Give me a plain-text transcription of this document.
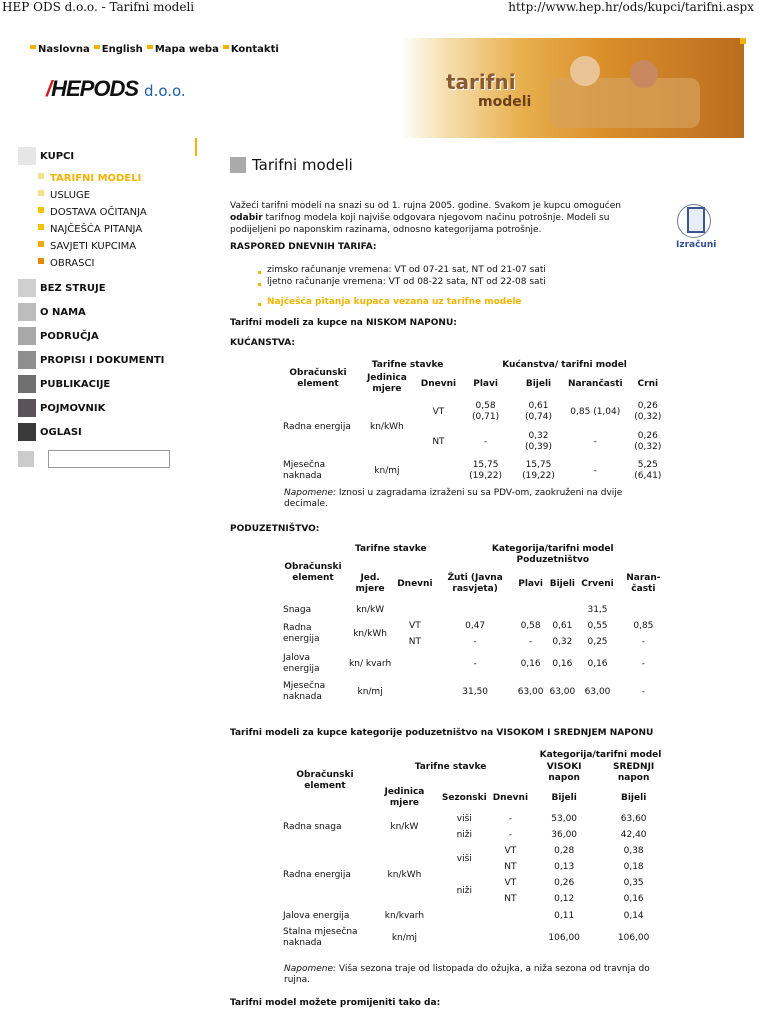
HEP ODS d.o.o. - Tarifni modeli	http://www.hep.hr/ods/kupci/tarifni.aspx
Naslovna English Mapa weba Kontakti
/HEPODS d.o.o.	tarifni
modeli
KUPCI
TARIFNI MODELI
USLUGE
DOSTAVA OČITANJA
NAJČEŠĆA PITANJA
SAVJETI KUPCIMA
OBRASCI
BEZ STRUJE
O NAMA
PODRUČJA
PROPISI I DOKUMENTI
PUBLIKACIJE
POJMOVNIK
OGLASI
Tarifni modeli

Važeći tarifni modeli na snazi su od 1. rujna 2005. godine. Svakom je kupcu omogućen odabir tarifnog modela koji najviše odgovara njegovom načinu potrošnje. Modeli su podijeljeni po naponskim razinama, odnosno kategorijama potrošnje.

Izračuni
RASPORED DNEVNIH TARIFA:
zimsko računanje vremena: VT od 07-21 sat, NT od 21-07 sati
ljetno računanje vremena: VT od 08-22 sata, NT od 22-08 sati
Najčešća pitanja kupaca vezana uz tarifne modele
Tarifni modeli za kupce na NISKOM NAPONU:
KUĆANSTVA:
Obračunski element	Tarifne stavke		Kućanstva/ tarifni model			
	Jedinica mjere	Dnevni	Plavi	Bijeli	Narančasti	Crni
Radna energija	kn/kWh	VT	0,58 (0,71)	0,61 (0,74)	0,85 (1,04)	0,26 (0,32)
		NT	-	0,32 (0,39)	-	0,26 (0,32)
Mjesečna naknada	kn/mj		15,75 (19,22)	15,75 (19,22)	-	5,25 (6,41)
Napomene: Iznosi u zagradama izraženi su sa PDV-om, zaokruženi na dvije decimale.
PODUZETNIŠTVO:
Obračunski element	Tarifne stavke		Kategorija/tarifni model				
			Poduzetništvo				
	Jed. mjere	Dnevni	Žuti (Javna rasvjeta)	Plavi	Bijeli	Crveni	Naran- časti
Snaga	kn/kW					31,5	
Radna energija	kn/kWh	VT	0,47	0,58	0,61	0,55	0,85
		NT	-	-	0,32	0,25	-
Jalova energija	kn/ kvarh		-	0,16	0,16	0,16	-
Mjesečna naknada	kn/mj		31,50	63,00	63,00	63,00	-
Tarifni modeli za kupce kategorije poduzetništvo na VISOKOM I SREDNJEM NAPONU
Obračunski element	Tarifne stavke			Kategorija/tarifni model	
				VISOKI napon	SREDNJI napon
	Jedinica mjere	Sezonski	Dnevni	Bijeli	Bijeli
Radna snaga	kn/kW	viši	-	53,00	63,60
		niži	-	36,00	42,40
Radna energija	kn/kWh	viši	VT	0,28	0,38
			NT	0,13	0,18
		niži	VT	0,26	0,35
			NT	0,12	0,16
Jalova energija	kn/kvarh			0,11	0,14
Stalna mjesečna naknada	kn/mj			106,00	106,00
Napomene: Viša sezona traje od listopada do ožujka, a niža sezona od travnja do rujna.
Tarifni model možete promijeniti tako da:
